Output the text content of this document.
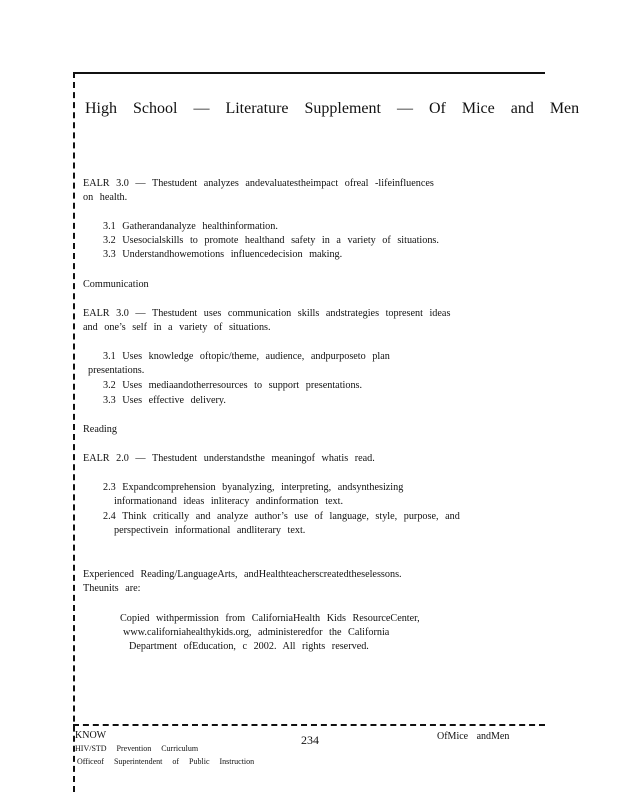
High School — Literature Supplement — Of Mice and Men
EALR 3.0 — Thestudent analyzes andevaluatestheimpact ofreal -lifeinfluences
on health.
3.1 Gatherandanalyze healthinformation.
3.2 Usesocialskills to promote healthand safety in a variety of situations.
3.3 Understandhowemotions influencedecision making.
Communication
EALR 3.0 — Thestudent uses communication skills andstrategies topresent ideas
and one’s self in a variety of situations.
3.1 Uses knowledge oftopic/theme, audience, andpurposeto plan
presentations.
3.2 Uses mediaandotherresources to support presentations.
3.3 Uses effective delivery.
Reading
EALR 2.0 — Thestudent understandsthe meaningof whatis read.
2.3 Expandcomprehension byanalyzing, interpreting, andsynthesizing
informationand ideas inliteracy andinformation text.
2.4 Think critically and analyze author’s use of language, style, purpose, and
perspectivein informational andliterary text.
Experienced Reading/LanguageArts, andHealthteacherscreatedtheselessons.
Theunits are:
Copied withpermission from CaliforniaHealth Kids ResourceCenter,
www.californiahealthykids.org, administeredfor the California
Department ofEducation, c 2002. All rights reserved.
KNOW
HIV/STD Prevention Curriculum
Officeof Superintendent of Public Instruction
234	OfMice andMen
